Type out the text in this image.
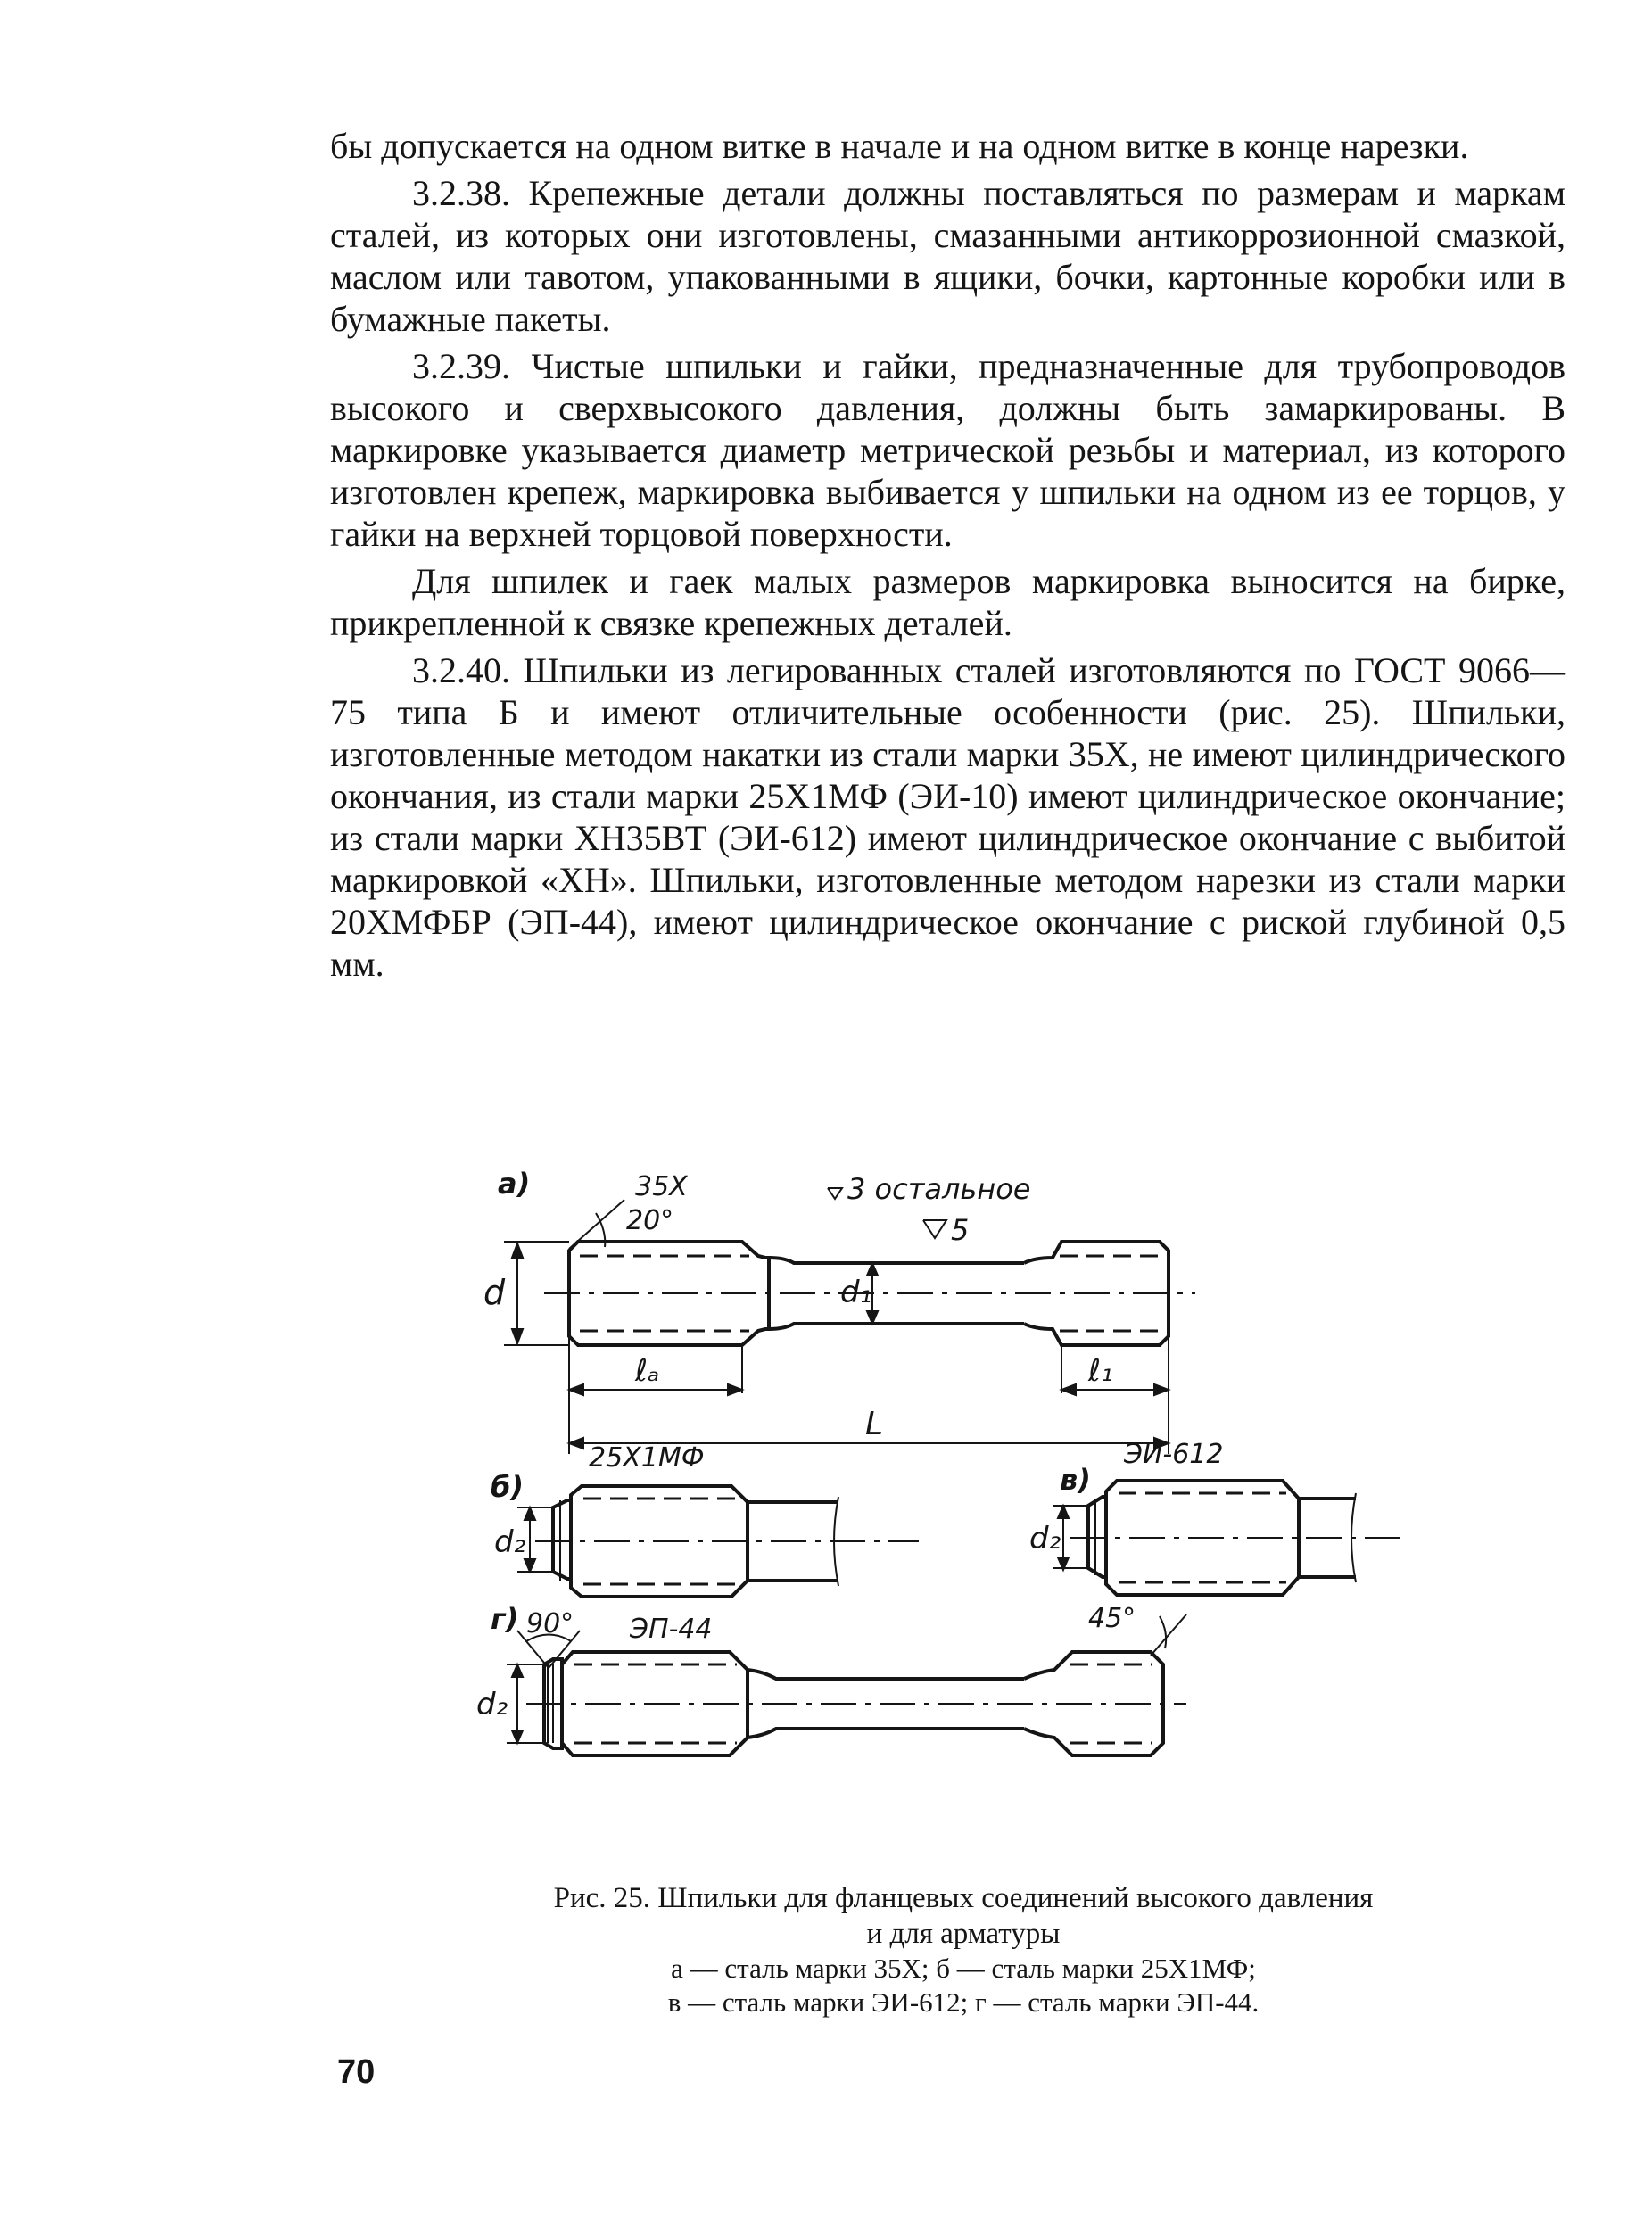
бы допускается на одном витке в начале и на одном витке в конце нарезки.

3.2.38. Крепежные детали должны поставляться по размерам и маркам сталей, из которых они изготовлены, смазанными антикоррозионной смазкой, маслом или тавотом, упакованными в ящики, бочки, картонные коробки или в бумажные пакеты.

3.2.39. Чистые шпильки и гайки, предназначенные для трубопроводов высокого и сверхвысокого давления, должны быть замаркированы. В маркировке указывается диаметр метрической резьбы и материал, из которого изготовлен крепеж, маркировка выбивается у шпильки на одном из ее торцов, у гайки на верхней торцовой поверхности.

Для шпилек и гаек малых размеров маркировка выносится на бирке, прикрепленной к связке крепежных деталей.

3.2.40. Шпильки из легированных сталей изготовляются по ГОСТ 9066—75 типа Б и имеют отличительные особенности (рис. 25). Шпильки, изготовленные методом накатки из стали марки 35Х, не имеют цилиндрического окончания, из стали марки 25Х1МФ (ЭИ-10) имеют цилиндрическое окончание; из стали марки ХН35ВТ (ЭИ-612) имеют цилиндрическое окончание с выбитой маркировкой «ХН». Шпильки, изготовленные методом нарезки из стали марки 20ХМФБР (ЭП-44), имеют цилиндрическое окончание с риской глубиной 0,5 мм.

а)	35Х
20°	5
3 остальное
d	d₁
ℓₐ	ℓ₁
L
б)
25Х1МФ
d₂
в)
ЭИ-612
d₂
г) 90° ЭП-44	45°
d₂
Рис. 25. Шпильки для фланцевых соединений высокого давления
и для арматуры
а — сталь марки 35Х; б — сталь марки 25Х1МФ;
в — сталь марки ЭИ-612; г — сталь марки ЭП-44.
70
